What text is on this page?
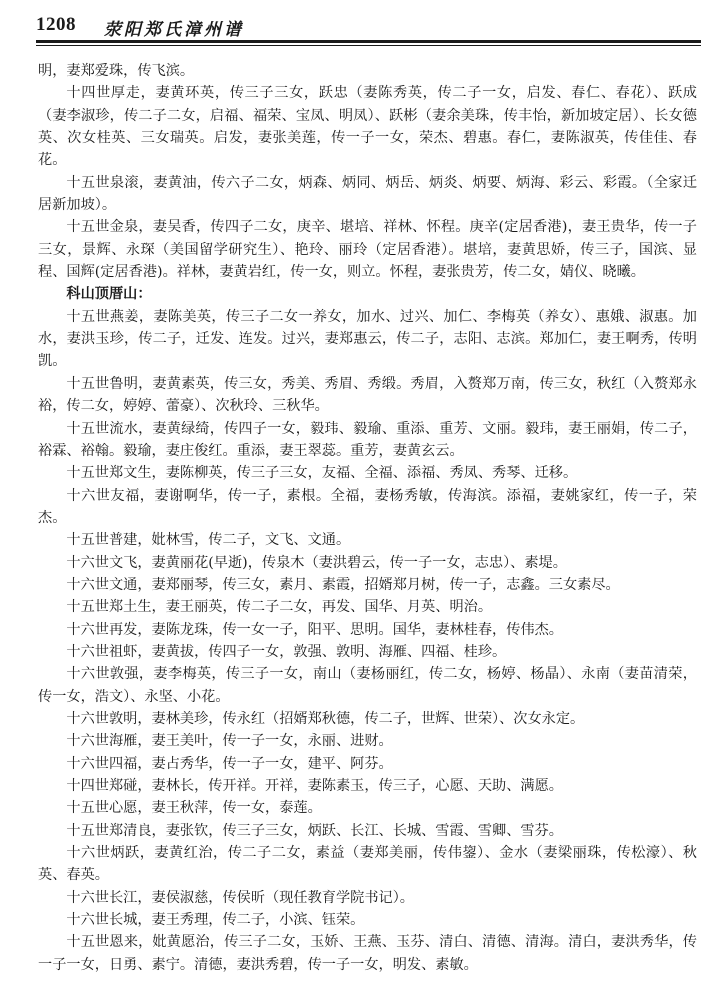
1208 荥阳郑氏漳州谱

明，妻郑爱珠，传飞滨。

十四世厚走，妻黄环英，传三子三女，跃忠（妻陈秀英，传二子一女，启发、春仁、春花）、跃成（妻李淑珍，传二子二女，启福、福荣、宝凤、明凤）、跃彬（妻余美珠，传丰怡，新加坡定居）、长女德英、次女桂英、三女瑞英。启发，妻张美莲，传一子一女，荣杰、碧惠。春仁，妻陈淑英，传佳佳、春花。

十五世泉滚，妻黄油，传六子二女，炳森、炳同、炳岳、炳炎、炳要、炳海、彩云、彩霞。（全家迁居新加坡）。

十五世金泉，妻吴香，传四子二女，庚辛、堪培、祥林、怀程。庚辛(定居香港)，妻王贵华，传一子三女，景辉、永琛（美国留学研究生）、艳玲、丽玲（定居香港）。堪培，妻黄思娇，传三子，国滨、显程、国辉(定居香港)。祥林，妻黄岩红，传一女，则立。怀程，妻张贵芳，传二女，婧仪、晓曦。

科山顶厝山：

十五世燕姜，妻陈美英，传三子二女一养女，加水、过兴、加仁、李梅英（养女）、惠娥、淑惠。加水，妻洪玉珍，传二子，迁发、连发。过兴，妻郑惠云，传二子，志阳、志滨。郑加仁，妻王啊秀，传明凯。

十五世鲁明，妻黄素英，传三女，秀美、秀眉、秀缎。秀眉，入赘郑万南，传三女，秋红（入赘郑永裕，传二女，婷婷、蕾豪）、次秋玲、三秋华。

十五世流水，妻黄绿绮，传四子一女，毅玮、毅瑜、重添、重芳、文丽。毅玮，妻王丽娟，传二子，裕霖、裕翰。毅瑜，妻庄俊红。重添，妻王翠蕊。重芳，妻黄玄云。

十五世郑文生，妻陈柳英，传三子三女，友福、全福、添福、秀凤、秀琴、迁移。

十六世友福，妻谢啊华，传一子，素根。全福，妻杨秀敏，传海滨。添福，妻姚家红，传一子，荣杰。

十五世普建，妣林雪，传二子，文飞、文通。

十六世文飞，妻黄丽花(早逝)，传泉木（妻洪碧云，传一子一女，志忠）、素堤。

十六世文通，妻郑丽琴，传三女，素月、素霞，招婿郑月树，传一子，志鑫。三女素尽。

十五世郑土生，妻王丽英，传二子二女，再发、国华、月英、明治。

十六世再发，妻陈龙珠，传一女一子，阳平、思明。国华，妻林桂春，传伟杰。

十六世祖虾，妻黄拔，传四子一女，敦强、敦明、海雁、四福、桂珍。

十六世敦强，妻李梅英，传三子一女，南山（妻杨丽红，传二女，杨婷、杨晶）、永南（妻苗清荣，传一女，浩文）、永坚、小花。

十六世敦明，妻林美珍，传永红（招婿郑秋德，传二子，世辉、世荣）、次女永定。

十六世海雁，妻王美叶，传一子一女，永丽、进财。

十六世四福，妻占秀华，传一子一女，建平、阿芬。

十四世郑碰，妻林长，传开祥。开祥，妻陈素玉，传三子，心愿、天助、满愿。

十五世心愿，妻王秋萍，传一女，泰莲。

十五世郑清良，妻张钦，传三子三女，炳跃、长江、长城、雪霞、雪卿、雪芬。

十六世炳跃，妻黄红治，传二子二女，素益（妻郑美丽，传伟鋆）、金水（妻梁丽珠，传松濠）、秋英、春英。

十六世长江，妻侯淑慈，传侯昕（现任教育学院书记）。

十六世长城，妻王秀理，传二子，小滨、钰荣。

十五世恩来，妣黄愿治，传三子二女，玉娇、王燕、玉芬、清白、清德、清海。清白，妻洪秀华，传一子一女，日勇、素宁。清德，妻洪秀碧，传一子一女，明发、素敏。
